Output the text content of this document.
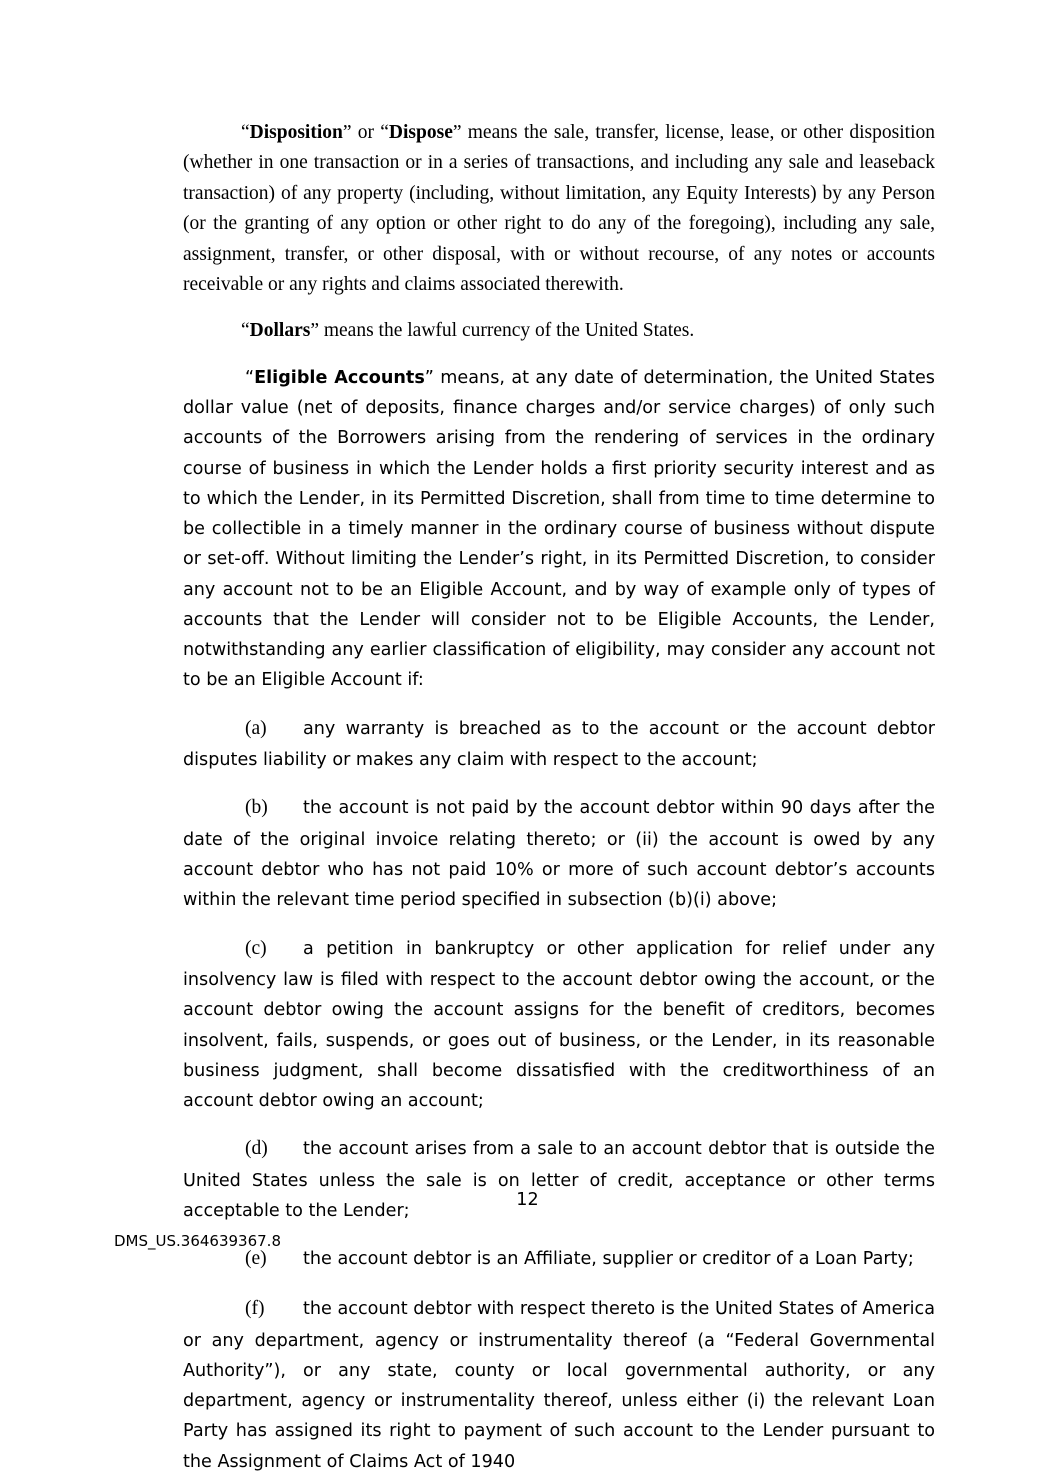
“Disposition” or “Dispose” means the sale, transfer, license, lease, or other disposition (whether in one transaction or in a series of transactions, and including any sale and leaseback transaction) of any property (including, without limitation, any Equity Interests) by any Person (or the granting of any option or other right to do any of the foregoing), including any sale, assignment, transfer, or other disposal, with or without recourse, of any notes or accounts receivable or any rights and claims associated therewith.

“Dollars” means the lawful currency of the United States.

“Eligible Accounts” means, at any date of determination, the United States dollar value (net of deposits, finance charges and/or service charges) of only such accounts of the Borrowers arising from the rendering of services in the ordinary course of business in which the Lender holds a first priority security interest and as to which the Lender, in its Permitted Discretion, shall from time to time determine to be collectible in a timely manner in the ordinary course of business without dispute or set-off. Without limiting the Lender’s right, in its Permitted Discretion, to consider any account not to be an Eligible Account, and by way of example only of types of accounts that the Lender will consider not to be Eligible Accounts, the Lender, notwithstanding any earlier classification of eligibility, may consider any account not to be an Eligible Account if:

(a) any warranty is breached as to the account or the account debtor disputes liability or makes any claim with respect to the account;

(b) the account is not paid by the account debtor within 90 days after the date of the original invoice relating thereto; or (ii) the account is owed by any account debtor who has not paid 10% or more of such account debtor’s accounts within the relevant time period specified in subsection (b)(i) above;

(c) a petition in bankruptcy or other application for relief under any insolvency law is filed with respect to the account debtor owing the account, or the account debtor owing the account assigns for the benefit of creditors, becomes insolvent, fails, suspends, or goes out of business, or the Lender, in its reasonable business judgment, shall become dissatisfied with the creditworthiness of an account debtor owing an account;

(d) the account arises from a sale to an account debtor that is outside the United States unless the sale is on letter of credit, acceptance or other terms acceptable to the Lender;

(e) the account debtor is an Affiliate, supplier or creditor of a Loan Party;

(f) the account debtor with respect thereto is the United States of America or any department, agency or instrumentality thereof (a “Federal Governmental Authority”), or any state, county or local governmental authority, or any department, agency or instrumentality thereof, unless either (i) the relevant Loan Party has assigned its right to payment of such account to the Lender pursuant to the Assignment of Claims Act of 1940

12
DMS_US.364639367.8
